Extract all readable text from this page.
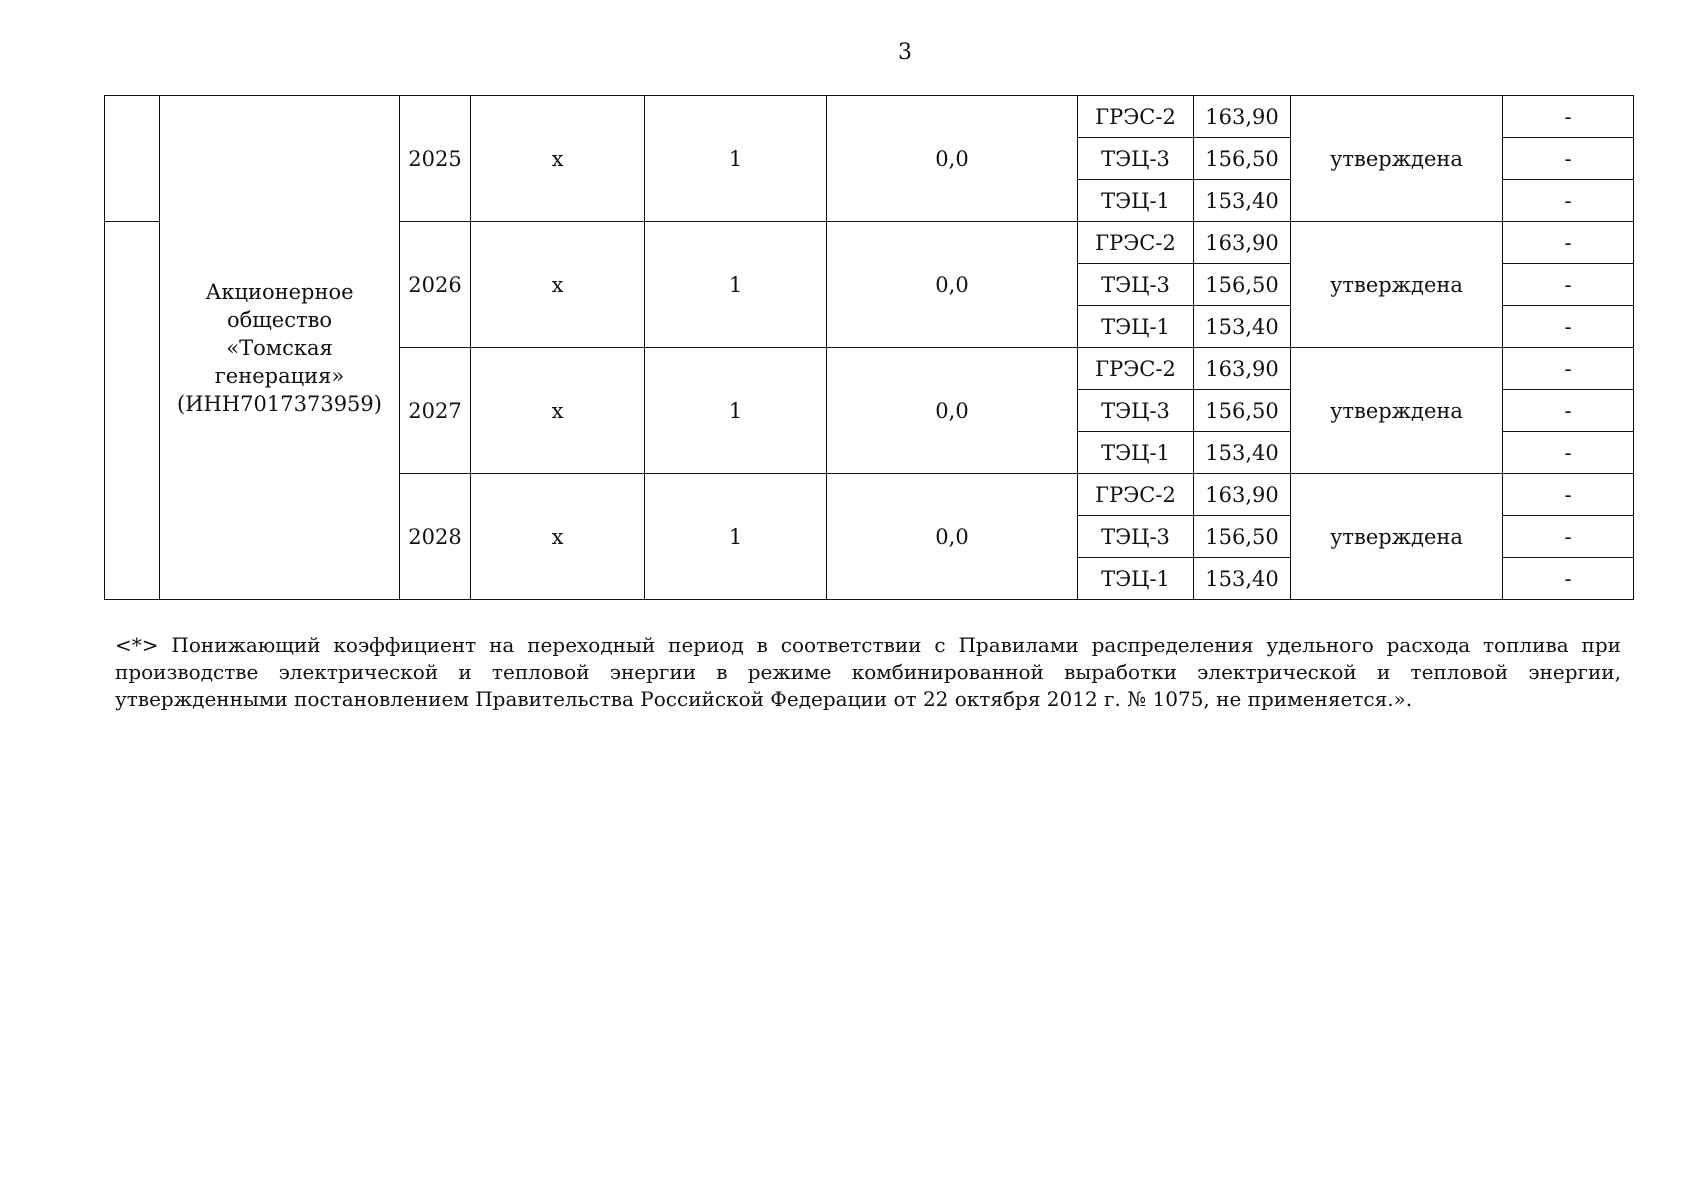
3

	Акционерное
общество
«Томская
генерация»
(ИНН7017373959)	2025	х	1	0,0	ГРЭС-2	163,90	утверждена	-
						ТЭЦ-3	156,50		-
						ТЭЦ-1	153,40		-
		2026	х	1	0,0	ГРЭС-2	163,90	утверждена	-
						ТЭЦ-3	156,50		-
						ТЭЦ-1	153,40		-
		2027	х	1	0,0	ГРЭС-2	163,90	утверждена	-
						ТЭЦ-3	156,50		-
						ТЭЦ-1	153,40		-
		2028	х	1	0,0	ГРЭС-2	163,90	утверждена	-
						ТЭЦ-3	156,50		-
						ТЭЦ-1	153,40		-
<*> Понижающий коэффициент на переходный период в соответствии с Правилами распределения удельного расхода топлива при производстве электрической и тепловой энергии в режиме комбинированной выработки электрической и тепловой энергии, утвержденными постановлением Правительства Российской Федерации от 22 октября 2012 г. № 1075, не применяется.».
